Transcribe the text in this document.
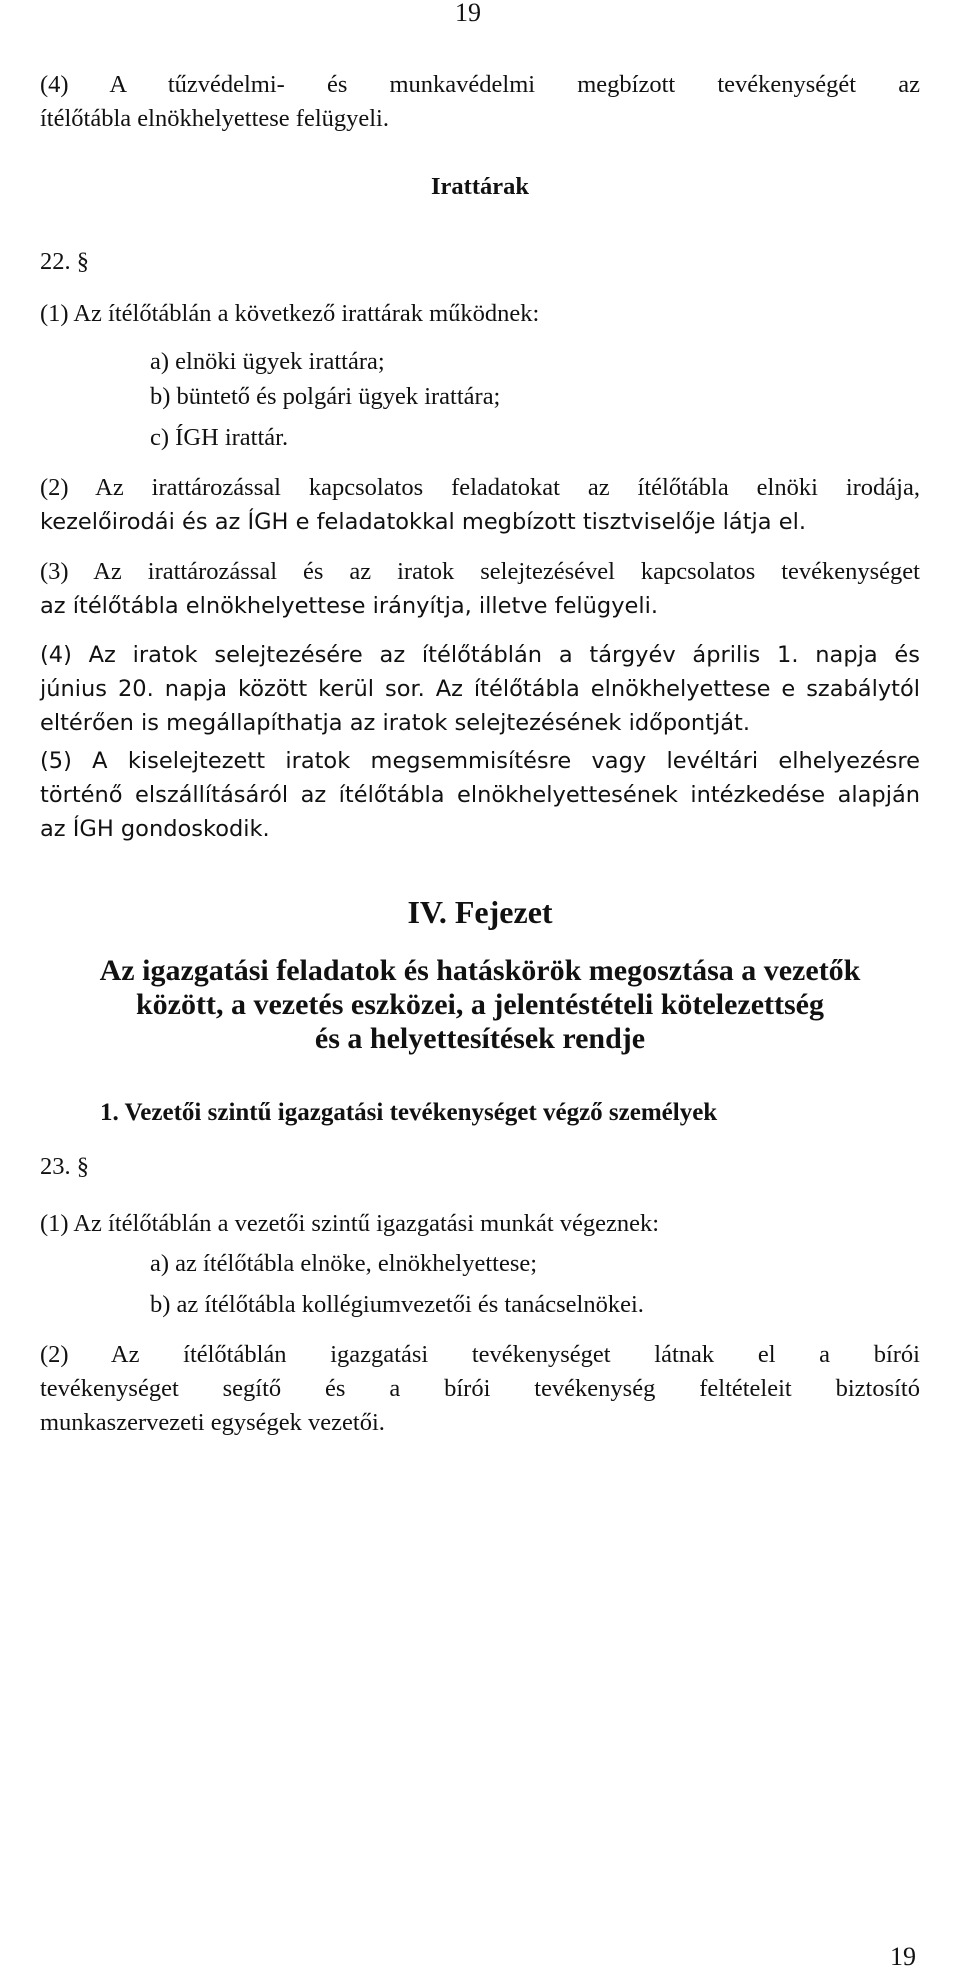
19
(4) A tűzvédelmi- és munkavédelmi megbízott tevékenységét az
ítélőtábla elnökhelyettese felügyeli.
Irattárak
22. §
(1) Az ítélőtáblán a következő irattárak működnek:
a) elnöki ügyek irattára;
b) büntető és polgári ügyek irattára;
c) ÍGH irattár.
(2) Az irattározással kapcsolatos feladatokat az ítélőtábla elnöki irodája,
kezelőirodái és az ÍGH e feladatokkal megbízott tisztviselője látja el.
(3) Az irattározással és az iratok selejtezésével kapcsolatos tevékenységet
az ítélőtábla elnökhelyettese irányítja, illetve felügyeli.
(4) Az iratok selejtezésére az ítélőtáblán a tárgyév április 1. napja és
június 20. napja között kerül sor. Az ítélőtábla elnökhelyettese e szabálytól
eltérően is megállapíthatja az iratok selejtezésének időpontját.
(5) A kiselejtezett iratok megsemmisítésre vagy levéltári elhelyezésre
történő elszállításáról az ítélőtábla elnökhelyettesének intézkedése alapján
az ÍGH gondoskodik.
IV. Fejezet
Az igazgatási feladatok és hatáskörök megosztása a vezetők
között, a vezetés eszközei, a jelentéstételi kötelezettség
és a helyettesítések rendje
1. Vezetői szintű igazgatási tevékenységet végző személyek
23. §
(1) Az ítélőtáblán a vezetői szintű igazgatási munkát végeznek:
a) az ítélőtábla elnöke, elnökhelyettese;
b) az ítélőtábla kollégiumvezetői és tanácselnökei.
(2) Az ítélőtáblán igazgatási tevékenységet látnak el a bírói
tevékenységet segítő és a bírói tevékenység feltételeit biztosító
munkaszervezeti egységek vezetői.
19
